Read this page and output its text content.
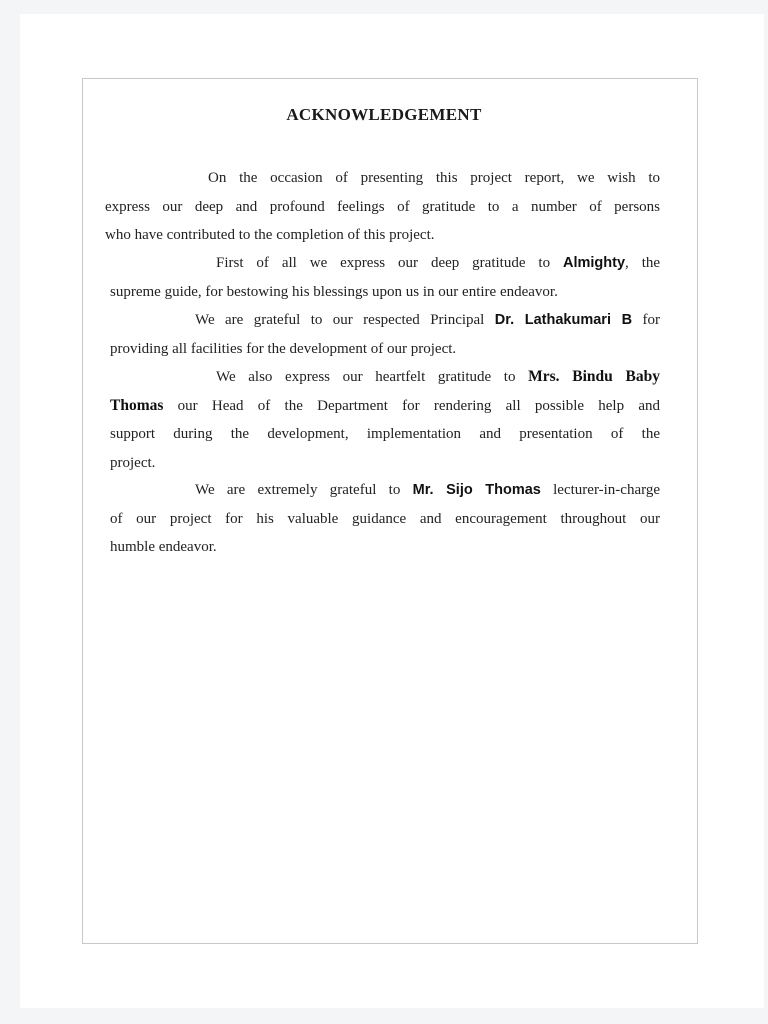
ACKNOWLEDGEMENT
On the occasion of presenting this project report, we wish to
express our deep and profound feelings of gratitude to a number of persons
who have contributed to the completion of this project.
First of all we express our deep gratitude to Almighty, the
supreme guide, for bestowing his blessings upon us in our entire endeavor.
We are grateful to our respected Principal Dr. Lathakumari B for
providing all facilities for the development of our project.
We also express our heartfelt gratitude to Mrs. Bindu Baby
Thomas our Head of the Department for rendering all possible help and
support during the development, implementation and presentation of the
project.
We are extremely grateful to Mr. Sijo Thomas lecturer-in-charge
of our project for his valuable guidance and encouragement throughout our
humble endeavor.
